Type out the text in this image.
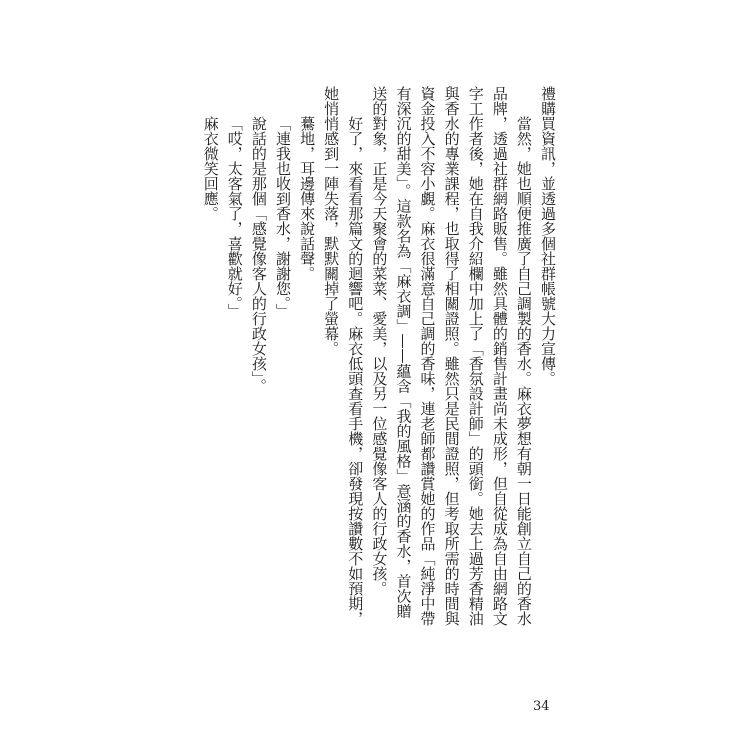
禮購買資訊，並透過多個社群帳號大力宣傳。

當然，她也順便推廣了自己調製的香水。麻衣夢想有朝一日能創立自己的香水

品牌，透過社群網路販售。雖然具體的銷售計畫尚未成形，但自從成為自由網路文

字工作者後，她在自我介紹欄中加上了「香氛設計師」的頭銜。她去上過芳香精油

與香水的專業課程，也取得了相關證照。雖然只是民間證照，但考取所需的時間與

資金投入不容小覷。麻衣很滿意自己調的香味，連老師都讚賞她的作品「純淨中帶

有深沉的甜美」。這款名為「麻衣調」——蘊含「我的風格」意涵的香水，首次贈

送的對象，正是今天聚會的菜菜、愛美，以及另一位感覺像客人的行政女孩。

好了，來看看那篇文的迴響吧。麻衣低頭查看手機，卻發現按讚數不如預期，

她悄悄感到一陣失落，默默關掉了螢幕。

驀地，耳邊傳來說話聲。

「連我也收到香水，謝謝您。」

說話的是那個「感覺像客人的行政女孩」。

「哎，太客氣了，喜歡就好。」

麻衣微笑回應。

34
